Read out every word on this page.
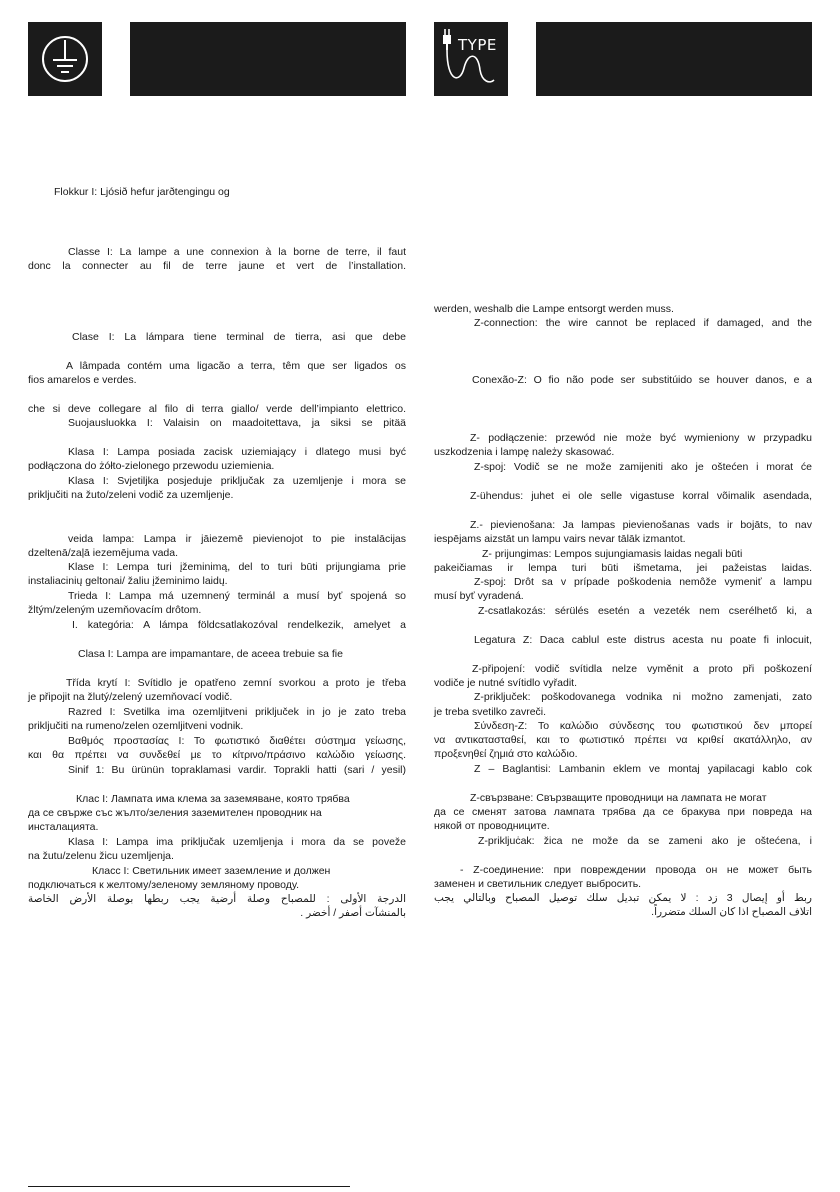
TYPE

Flokkur I: Ljósið hefur jarðtengingu og

Classe I: La lampe a une connexion à la borne de terre, il faut

donc la connecter au fil de terre jaune et vert de l’installation.

Clase I: La lámpara tiene terminal de tierra, asi que debe

A lâmpada contém uma ligacão a terra, têm que ser ligados os

fios amarelos e verdes.

che si deve collegare al filo di terra giallo/ verde dell’impianto elettrico.

Suojausluokka I: Valaisin on maadoitettava, ja siksi se pitää

Klasa I: Lampa posiada zacisk uziemiający i dlatego musi być

podłączona do żółto-zielonego przewodu uziemienia.

Klasa I: Svjetiljka posjeduje priključak za uzemljenje i mora se

priključiti na žuto/zeleni vodič za uzemljenje.

veida lampa: Lampa ir jāiezemē pievienojot to pie instalācijas

dzeltenā/zaļā iezemējuma vada.

Klase I: Lempa turi įžeminimą, del to turi būti prijungiama prie

instaliacinių geltonai/ žaliu įžeminimo laidų.

Trieda I: Lampa má uzemnený terminál a musí byť spojená so

žltým/zeleným uzemňovacím drôtom.

I. kategória: A lámpa földcsatlakozóval rendelkezik, amelyet a

Clasa I: Lampa are impamantare, de aceea trebuie sa fie

Třída krytí I: Svítidlo je opatřeno zemní svorkou a proto je třeba

je připojit na žlutý/zelený uzemňovací vodič.

Razred I: Svetilka ima ozemljitveni priključek in jo je zato treba

priključiti na rumeno/zelen ozemljitveni vodnik.

Βαθμός προστασίας I: Το φωτιστικό διαθέτει σύστημα γείωσης,

και θα πρέπει να συνδεθεί με το κίτρινο/πράσινο καλώδιο γείωσης.

Sinif 1: Bu ürünün topraklamasi vardir. Toprakli hatti (sari / yesil)

Клас I: Лампата има клема за заземяване, която трябва

да се свърже със жълто/зеления заземителен проводник на

инсталацията.

Klasa I: Lampa ima priključak uzemljenja i mora da se poveže

na žutu/zelenu žicu uzemljenja.

Класс I: Светильник имеет заземление и должен

подключаться к желтому/зеленому земляному проводу.

الدرجة الأولى : للمصباح وصلة أرضية يجب ربطها بوصلة الأرض الخاصة

بالمنشآت أصفر / أخضر .

werden, weshalb die Lampe entsorgt werden muss.

Z-connection: the wire cannot be replaced if damaged, and the

Conexão-Z: O fio não pode ser substitúido se houver danos, e a

Z- podłączenie: przewód nie może być wymieniony w przypadku

uszkodzenia i lampę należy skasować.

Z-spoj: Vodič se ne može zamijeniti ako je oštećen i morat će

Z-ühendus: juhet ei ole selle vigastuse korral võimalik asendada,

Z.- pievienošana: Ja lampas pievienošanas vads ir bojāts, to nav

iespējams aizstāt un lampu vairs nevar tālāk izmantot.

Z- prijungimas: Lempos sujungiamasis laidas negali būti

pakeičiamas ir lempa turi būti išmetama, jei pažeistas laidas.

Z-spoj: Drôt sa v prípade poškodenia nemôže vymeniť a lampu

musí byť vyradená.

Z-csatlakozás: sérülés esetén a vezeték nem cserélhető ki, a

Legatura Z: Daca cablul este distrus acesta nu poate fi inlocuit,

Z-připojení: vodič svítidla nelze vyměnit a proto při poškození

vodiče je nutné svítidlo vyřadit.

Z-priključek: poškodovanega vodnika ni možno zamenjati, zato

je treba svetilko zavreči.

Σύνδεση-Z: Το καλώδιο σύνδεσης του φωτιστικού δεν μπορεί

να αντικατασταθεί, και το φωτιστικό πρέπει να κριθεί ακατάλληλο, αν

προξενηθεί ζημιά στο καλώδιο.

Z – Baglantisi: Lambanin eklem ve montaj yapilacagi kablo cok

Z-свързване: Свързващите проводници на лампата не могат

да се сменят затова лампата трябва да се бракува при повреда на

някой от проводниците.

Z-prikljuċak: žica ne može da se zameni ako je oštećena, i

- Z-соединение: при повреждении провода он не может быть

заменен и светильник следует выбросить.

ربط أو إيصال 3 زد : لا يمكن تبديل سلك توصيل المصباح وبالتالي يجب

اتلاف المصباح اذا كان السلك متضرراً.
